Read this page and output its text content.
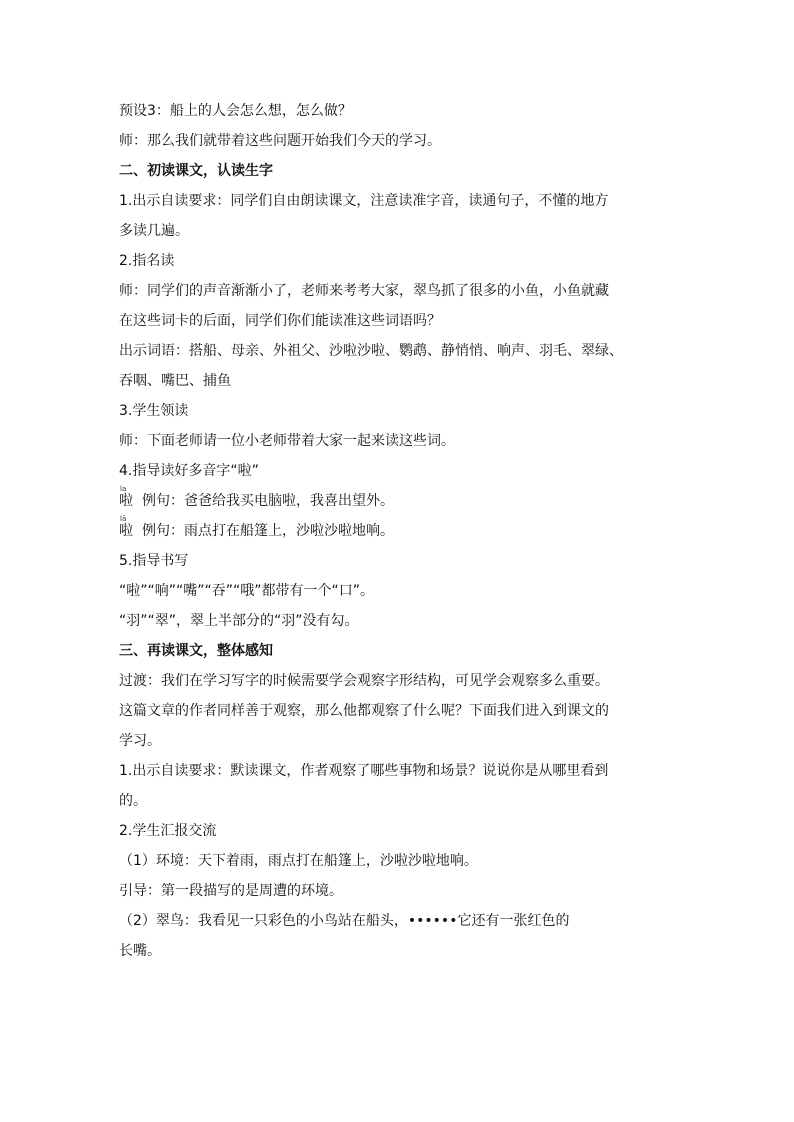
预设3：船上的人会怎么想，怎么做？

师：那么我们就带着这些问题开始我们今天的学习。

二、初读课文，认读生字

1.出示自读要求：同学们自由朗读课文，注意读准字音，读通句子，不懂的地方

多读几遍。

2.指名读

师：同学们的声音渐渐小了，老师来考考大家，翠鸟抓了很多的小鱼，小鱼就藏

在这些词卡的后面，同学们你们能读准这些词语吗？

出示词语：搭船、母亲、外祖父、沙啦沙啦、鹦鹉、静悄悄、响声、羽毛、翠绿、

吞咽、嘴巴、捕鱼

3.学生领读

师：下面老师请一位小老师带着大家一起来读这些词。

4.指导读好多音字“啦”

la
啦 例句：爸爸给我买电脑啦，我喜出望外。

lā
啦 例句：雨点打在船篷上，沙啦沙啦地响。

5.指导书写

“啦”“响”“嘴”“吞”“哦”都带有一个“口”。

“羽”“翠”，翠上半部分的“羽”没有勾。

三、再读课文，整体感知

过渡：我们在学习写字的时候需要学会观察字形结构，可见学会观察多么重要。

这篇文章的作者同样善于观察，那么他都观察了什么呢？下面我们进入到课文的

学习。

1.出示自读要求：默读课文，作者观察了哪些事物和场景？说说你是从哪里看到

的。

2.学生汇报交流

（1）环境：天下着雨，雨点打在船篷上，沙啦沙啦地响。

引导：第一段描写的是周遭的环境。

（2）翠鸟：我看见一只彩色的小鸟站在船头，••••••它还有一张红色的

长嘴。
